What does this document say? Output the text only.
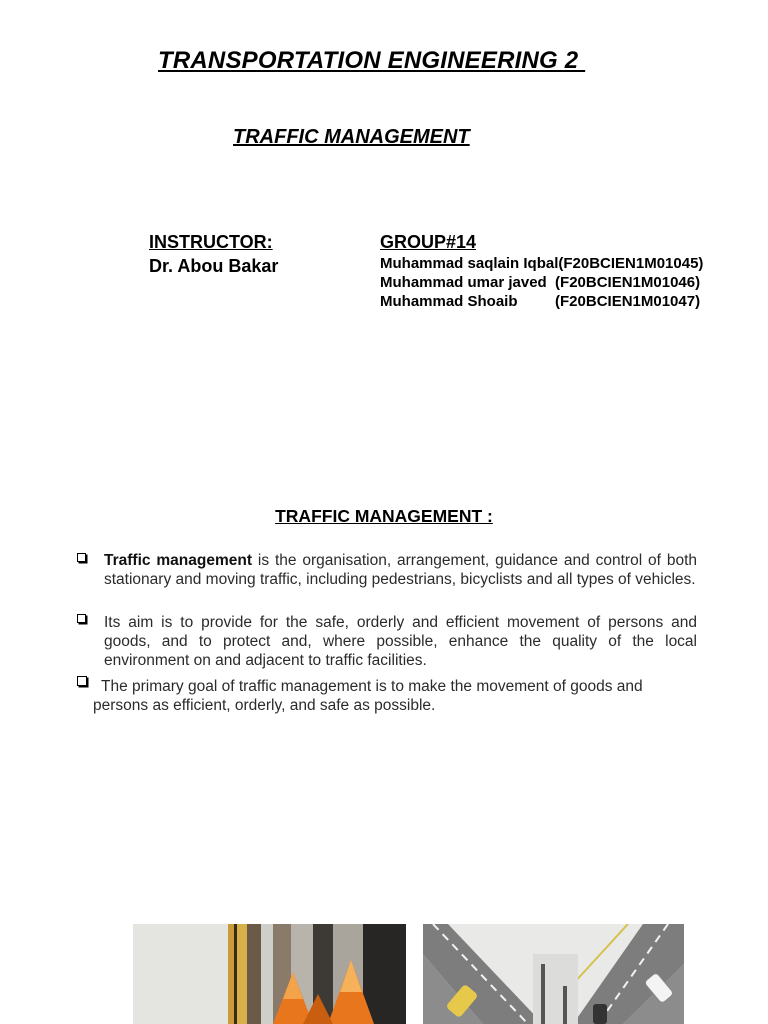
TRANSPORTATION ENGINEERING 2
TRAFFIC MANAGEMENT
INSTRUCTOR:
Dr. Abou Bakar
GROUP#14
Muhammad saqlain Iqbal(F20BCIEN1M01045)
Muhammad umar javed  (F20BCIEN1M01046)
Muhammad Shoaib         (F20BCIEN1M01047)
TRAFFIC MANAGEMENT :
Traffic management is the organisation, arrangement, guidance and control of both stationary and moving traffic, including pedestrians, bicyclists and all types of vehicles.
Its aim is to provide for the safe, orderly and efficient movement of persons and goods, and to protect and, where possible, enhance the quality of the local environment on and adjacent to traffic facilities.
The primary goal of traffic management is to make the movement of goods and persons as efficient, orderly, and safe as possible.
